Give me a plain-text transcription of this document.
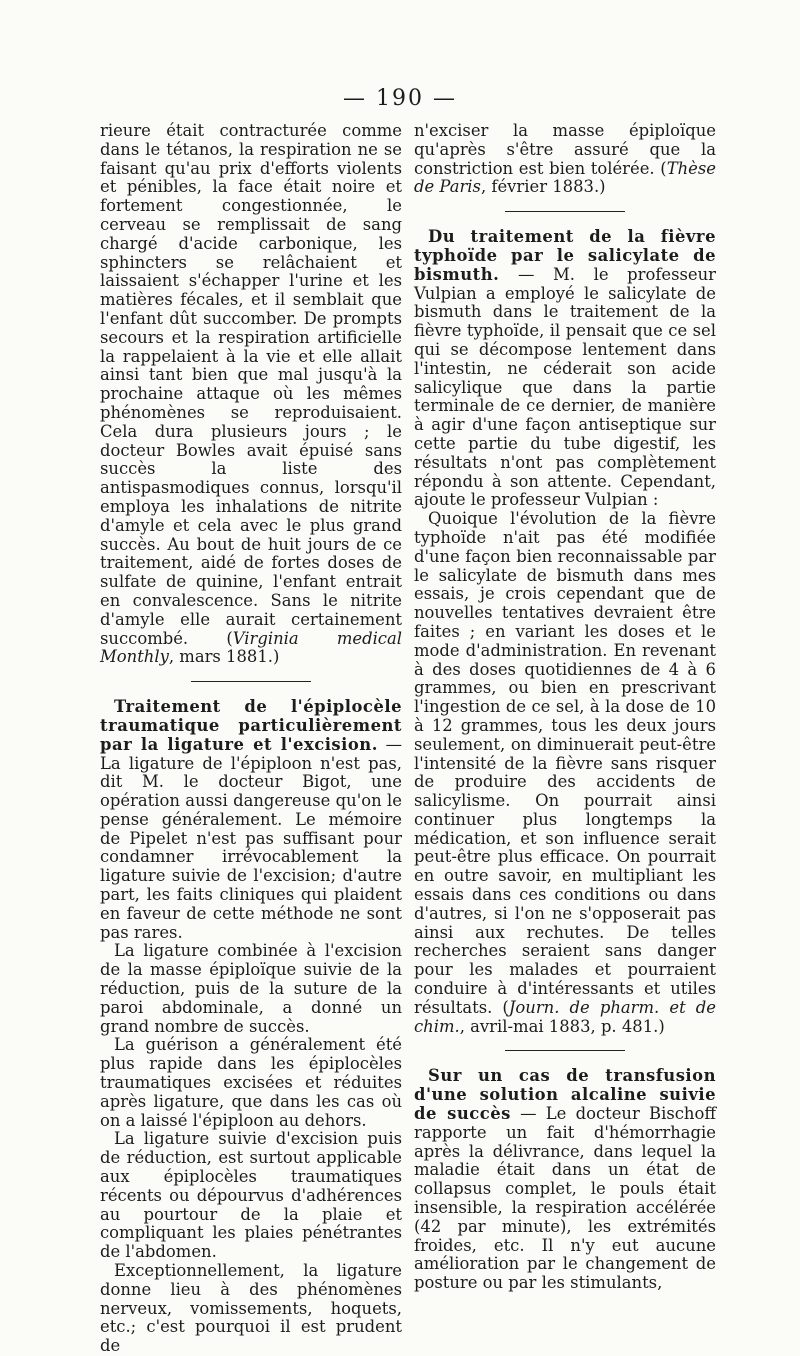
— 190 —

rieure était contracturée comme dans le tétanos, la respiration ne se faisant qu'au prix d'efforts violents et pénibles, la face était noire et fortement congestionnée, le cerveau se remplissait de sang chargé d'acide carbonique, les sphincters se relâchaient et laissaient s'échapper l'urine et les matières fécales, et il semblait que l'enfant dût succomber. De prompts secours et la respiration artificielle la rappelaient à la vie et elle allait ainsi tant bien que mal jusqu'à la prochaine attaque où les mêmes phénomènes se reproduisaient. Cela dura plusieurs jours ; le docteur Bowles avait épuisé sans succès la liste des antispasmodiques connus, lorsqu'il employa les inhalations de nitrite d'amyle et cela avec le plus grand succès. Au bout de huit jours de ce traitement, aidé de fortes doses de sulfate de quinine, l'enfant entrait en convalescence. Sans le nitrite d'amyle elle aurait certainement succombé. (Virginia medical Monthly, mars 1881.)

Traitement de l'épiplocèle traumatique particulièrement par la ligature et l'excision. — La ligature de l'épiploon n'est pas, dit M. le docteur Bigot, une opération aussi dangereuse qu'on le pense généralement. Le mémoire de Pipelet n'est pas suffisant pour condamner irrévocablement la ligature suivie de l'excision; d'autre part, les faits cliniques qui plaident en faveur de cette méthode ne sont pas rares.

La ligature combinée à l'excision de la masse épiploïque suivie de la réduction, puis de la suture de la paroi abdominale, a donné un grand nombre de succès.

La guérison a généralement été plus rapide dans les épiplocèles traumatiques excisées et réduites après ligature, que dans les cas où on a laissé l'épiploon au dehors.

La ligature suivie d'excision puis de réduction, est surtout applicable aux épiplocèles traumatiques récents ou dépourvus d'adhérences au pourtour de la plaie et compliquant les plaies pénétrantes de l'abdomen.

Exceptionnellement, la ligature donne lieu à des phénomènes nerveux, vomissements, hoquets, etc.; c'est pourquoi il est prudent de

n'exciser la masse épiploïque qu'après s'être assuré que la constriction est bien tolérée. (Thèse de Paris, février 1883.)

Du traitement de la fièvre typhoïde par le salicylate de bismuth. — M. le professeur Vulpian a employé le salicylate de bismuth dans le traitement de la fièvre typhoïde, il pensait que ce sel qui se décompose lentement dans l'intestin, ne céderait son acide salicylique que dans la partie terminale de ce dernier, de manière à agir d'une façon antiseptique sur cette partie du tube digestif, les résultats n'ont pas complètement répondu à son attente. Cependant, ajoute le professeur Vulpian :

Quoique l'évolution de la fièvre typhoïde n'ait pas été modifiée d'une façon bien reconnaissable par le salicylate de bismuth dans mes essais, je crois cependant que de nouvelles tentatives devraient être faites ; en variant les doses et le mode d'administration. En revenant à des doses quotidiennes de 4 à 6 grammes, ou bien en prescrivant l'ingestion de ce sel, à la dose de 10 à 12 grammes, tous les deux jours seulement, on diminuerait peut-être l'intensité de la fièvre sans risquer de produire des accidents de salicylisme. On pourrait ainsi continuer plus longtemps la médication, et son influence serait peut-être plus efficace. On pourrait en outre savoir, en multipliant les essais dans ces conditions ou dans d'autres, si l'on ne s'opposerait pas ainsi aux rechutes. De telles recherches seraient sans danger pour les malades et pourraient conduire à d'intéressants et utiles résultats. (Journ. de pharm. et de chim., avril-mai 1883, p. 481.)

Sur un cas de transfusion d'une solution alcaline suivie de succès — Le docteur Bischoff rapporte un fait d'hémorrhagie après la délivrance, dans lequel la maladie était dans un état de collapsus complet, le pouls était insensible, la respiration accélérée (42 par minute), les extrémités froides, etc. Il n'y eut aucune amélioration par le changement de posture ou par les stimulants,
